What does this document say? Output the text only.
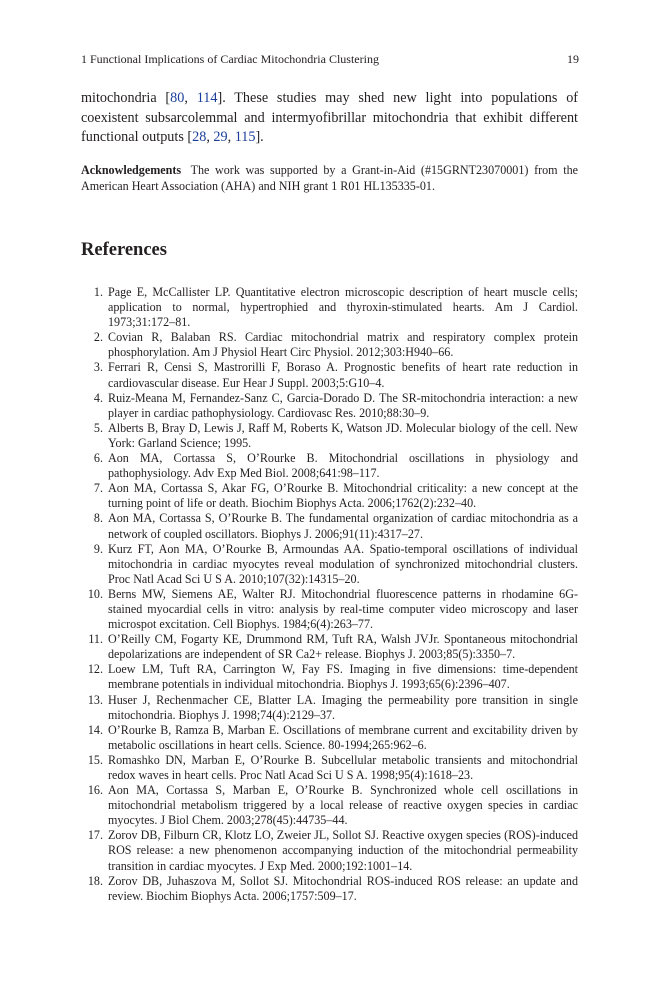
1 Functional Implications of Cardiac Mitochondria Clustering	19

mitochondria [80, 114]. These studies may shed new light into populations of coexistent subsarcolemmal and intermyofibrillar mitochondria that exhibit different functional outputs [28, 29, 115].

Acknowledgements The work was supported by a Grant-in-Aid (#15GRNT23070001) from the American Heart Association (AHA) and NIH grant 1 R01 HL135335-01.

References
1. Page E, McCallister LP. Quantitative electron microscopic description of heart muscle cells; application to normal, hypertrophied and thyroxin-stimulated hearts. Am J Cardiol. 1973;31:172–81.
2. Covian R, Balaban RS. Cardiac mitochondrial matrix and respiratory complex protein phosphorylation. Am J Physiol Heart Circ Physiol. 2012;303:H940–66.
3. Ferrari R, Censi S, Mastrorilli F, Boraso A. Prognostic benefits of heart rate reduction in cardiovascular disease. Eur Hear J Suppl. 2003;5:G10–4.
4. Ruiz-Meana M, Fernandez-Sanz C, Garcia-Dorado D. The SR-mitochondria interaction: a new player in cardiac pathophysiology. Cardiovasc Res. 2010;88:30–9.
5. Alberts B, Bray D, Lewis J, Raff M, Roberts K, Watson JD. Molecular biology of the cell. New York: Garland Science; 1995.
6. Aon MA, Cortassa S, O’Rourke B. Mitochondrial oscillations in physiology and pathophysiology. Adv Exp Med Biol. 2008;641:98–117.
7. Aon MA, Cortassa S, Akar FG, O’Rourke B. Mitochondrial criticality: a new concept at the turning point of life or death. Biochim Biophys Acta. 2006;1762(2):232–40.
8. Aon MA, Cortassa S, O’Rourke B. The fundamental organization of cardiac mitochondria as a network of coupled oscillators. Biophys J. 2006;91(11):4317–27.
9. Kurz FT, Aon MA, O’Rourke B, Armoundas AA. Spatio-temporal oscillations of individual mitochondria in cardiac myocytes reveal modulation of synchronized mitochondrial clusters. Proc Natl Acad Sci U S A. 2010;107(32):14315–20.
10. Berns MW, Siemens AE, Walter RJ. Mitochondrial fluorescence patterns in rhodamine 6G-stained myocardial cells in vitro: analysis by real-time computer video microscopy and laser microspot excitation. Cell Biophys. 1984;6(4):263–77.
11. O’Reilly CM, Fogarty KE, Drummond RM, Tuft RA, Walsh JVJr. Spontaneous mitochondrial depolarizations are independent of SR Ca2+ release. Biophys J. 2003;85(5):3350–7.
12. Loew LM, Tuft RA, Carrington W, Fay FS. Imaging in five dimensions: time-dependent membrane potentials in individual mitochondria. Biophys J. 1993;65(6):2396–407.
13. Huser J, Rechenmacher CE, Blatter LA. Imaging the permeability pore transition in single mitochondria. Biophys J. 1998;74(4):2129–37.
14. O’Rourke B, Ramza B, Marban E. Oscillations of membrane current and excitability driven by metabolic oscillations in heart cells. Science. 80-1994;265:962–6.
15. Romashko DN, Marban E, O’Rourke B. Subcellular metabolic transients and mitochondrial redox waves in heart cells. Proc Natl Acad Sci U S A. 1998;95(4):1618–23.
16. Aon MA, Cortassa S, Marban E, O’Rourke B. Synchronized whole cell oscillations in mitochondrial metabolism triggered by a local release of reactive oxygen species in cardiac myocytes. J Biol Chem. 2003;278(45):44735–44.
17. Zorov DB, Filburn CR, Klotz LO, Zweier JL, Sollot SJ. Reactive oxygen species (ROS)-induced ROS release: a new phenomenon accompanying induction of the mitochondrial permeability transition in cardiac myocytes. J Exp Med. 2000;192:1001–14.
18. Zorov DB, Juhaszova M, Sollot SJ. Mitochondrial ROS-induced ROS release: an update and review. Biochim Biophys Acta. 2006;1757:509–17.
